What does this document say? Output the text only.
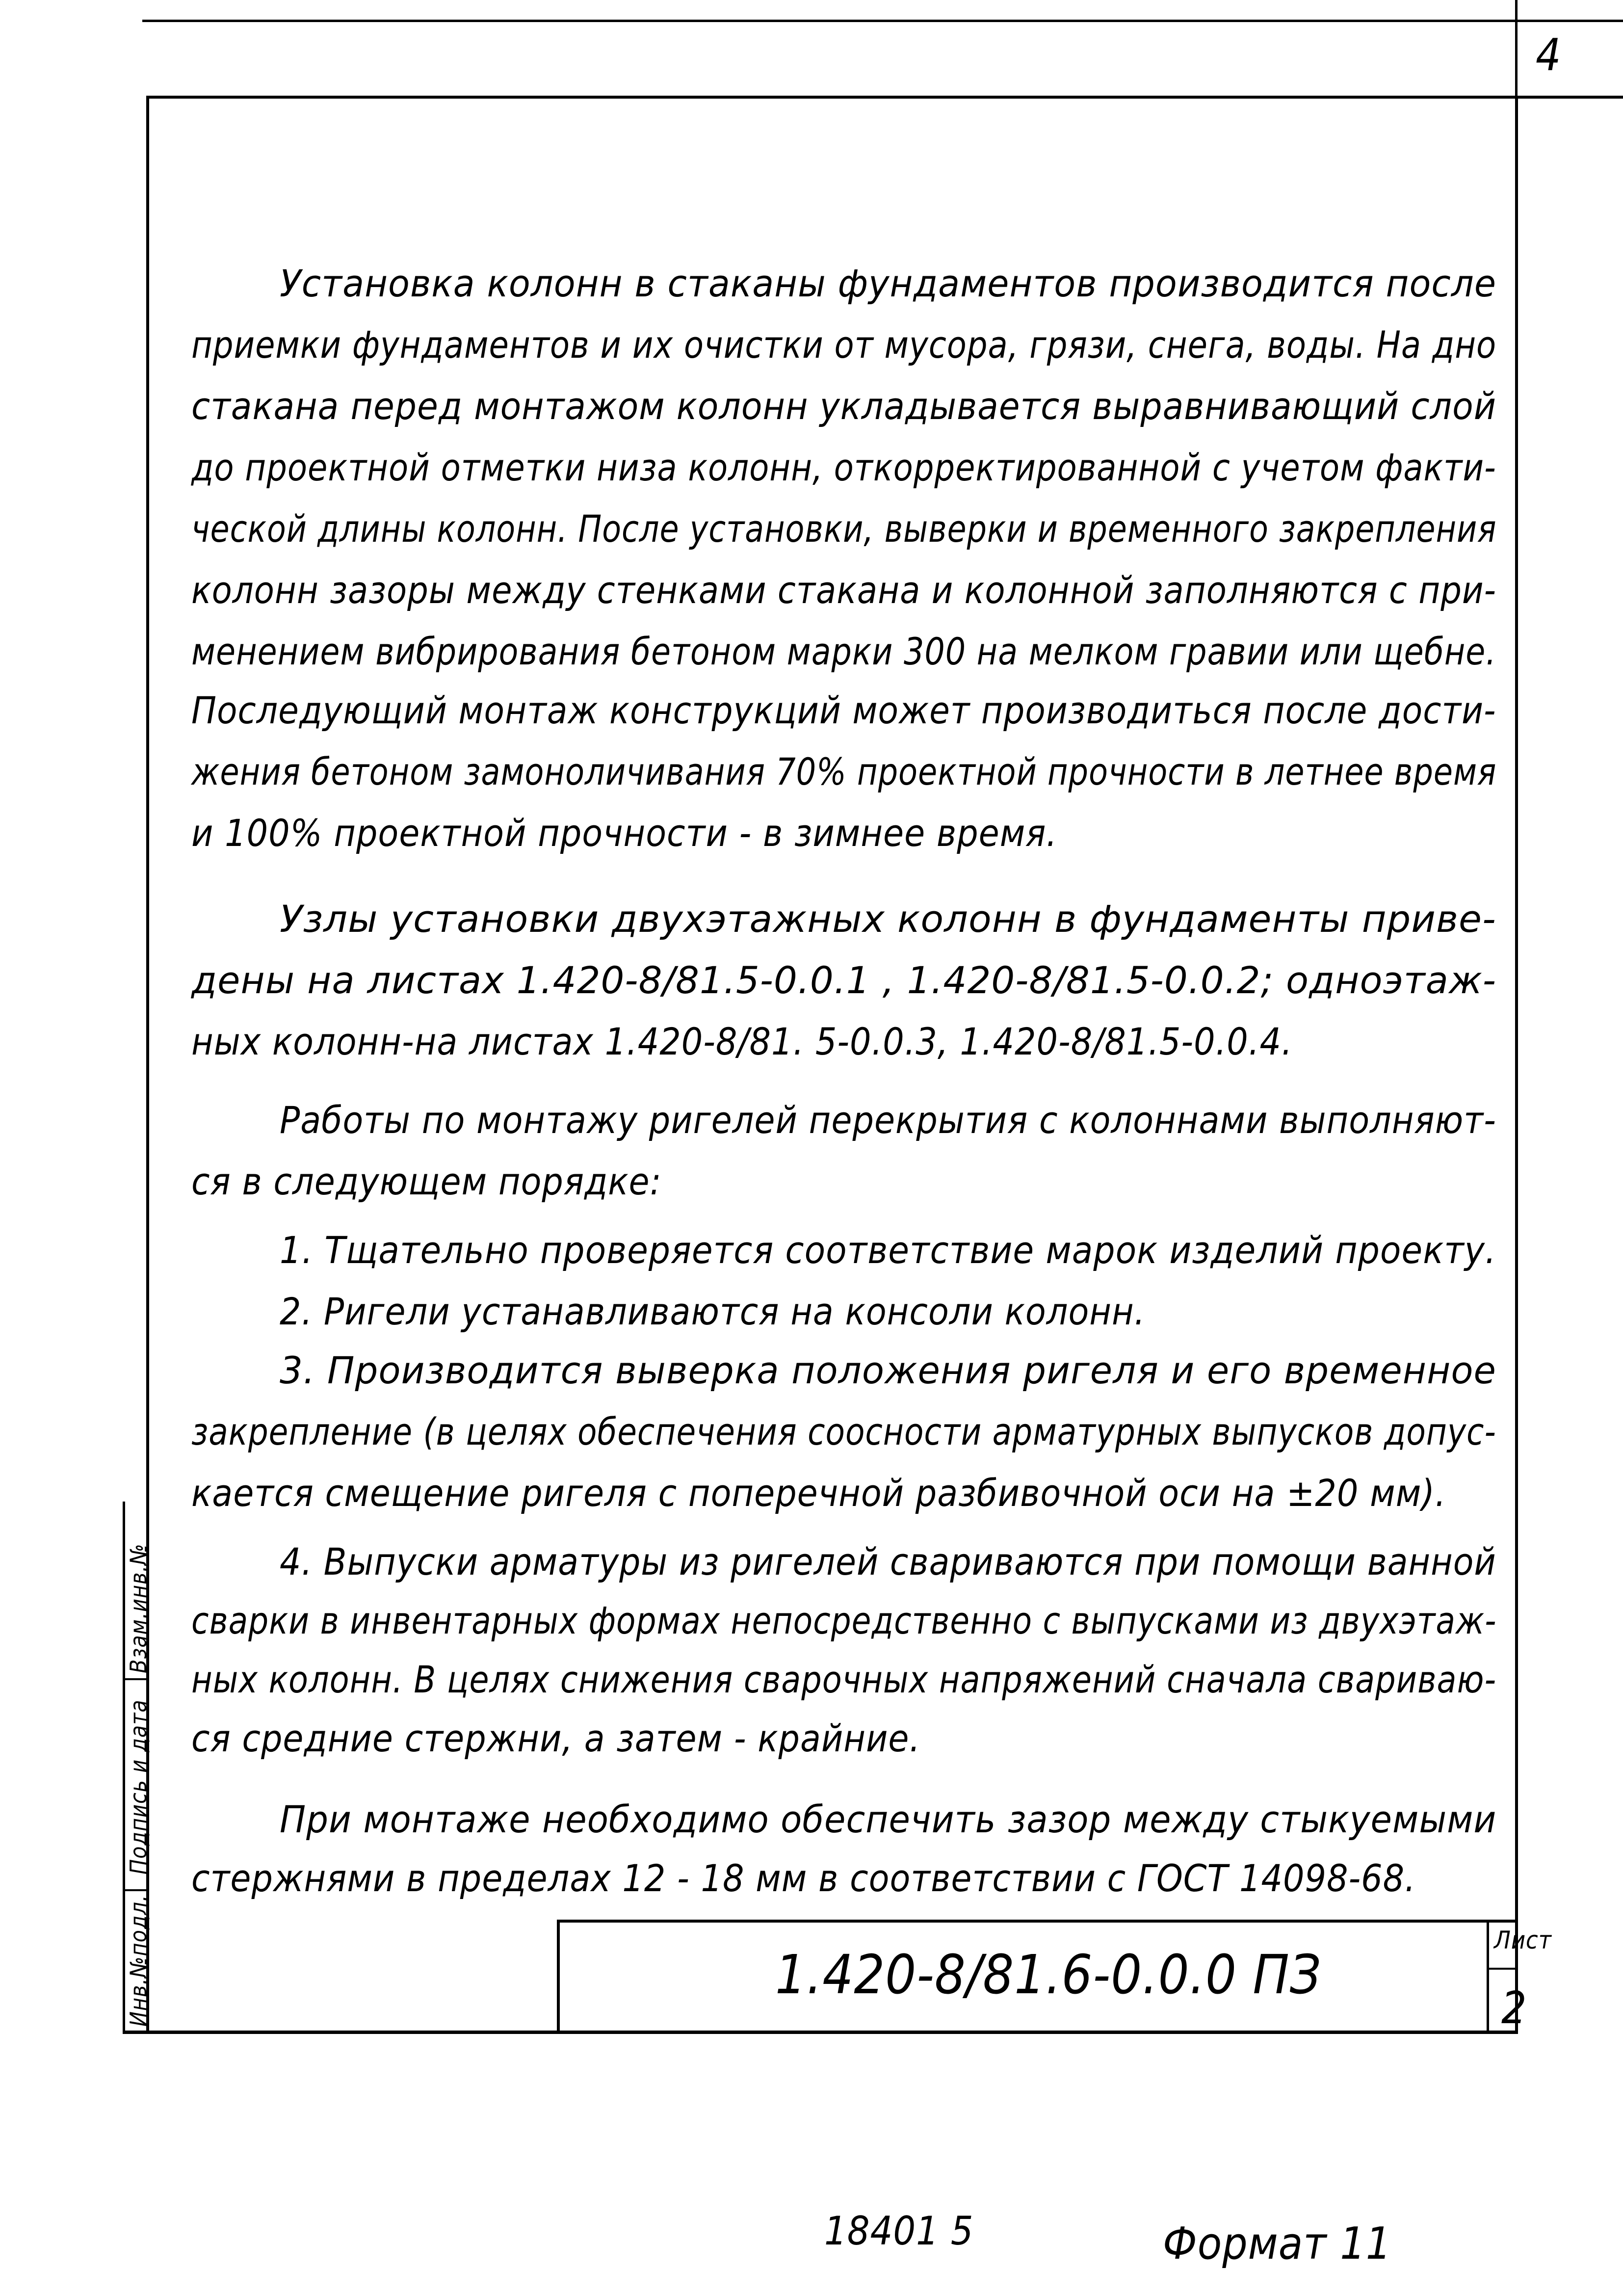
4
Взам.инв.№
Подпись и дата
Инв.№подл.
Установка колонн в стаканы фундаментов производится после
приемки фундаментов и их очистки от мусора, грязи, снега, воды. На дно
стакана перед монтажом колонн укладывается выравнивающий слой
до проектной отметки низа колонн, откорректированной с учетом факти-
ческой длины колонн. После установки, выверки и временного закрепления
колонн зазоры между стенками стакана и колонной заполняются с при-
менением вибрирования бетоном марки 300 на мелком гравии или щебне.
Последующий монтаж конструкций может производиться после дости-
жения бетоном замоноличивания 70% проектной прочности в летнее время
и 100% проектной прочности - в зимнее время.
Узлы установки двухэтажных колонн в фундаменты приве-
дены на листах 1.420-8/81.5-0.0.1 , 1.420-8/81.5-0.0.2; одноэтаж-
ных колонн-на листах 1.420-8/81. 5-0.0.3, 1.420-8/81.5-0.0.4.
Работы по монтажу ригелей перекрытия с колоннами выполняют-
ся в следующем порядке:
1. Тщательно проверяется соответствие марок изделий проекту.
2. Ригели устанавливаются на консоли колонн.
3. Производится выверка положения ригеля и его временное
закрепление (в целях обеспечения соосности арматурных выпусков допус-
кается смещение ригеля с поперечной разбивочной оси на ±20 мм).
4. Выпуски арматуры из ригелей свариваются при помощи ванной
сварки в инвентарных формах непосредственно с выпусками из двухэтаж-
ных колонн. В целях снижения сварочных напряжений сначала свариваю-
ся средние стержни, а затем - крайние.
При монтаже необходимо обеспечить зазор между стыкуемыми
стержнями в пределах 12 - 18 мм в соответствии с ГОСТ 14098-68.
1.420-8/81.6-0.0.0 ПЗ
Лист
2
18401 5	Формат 11
